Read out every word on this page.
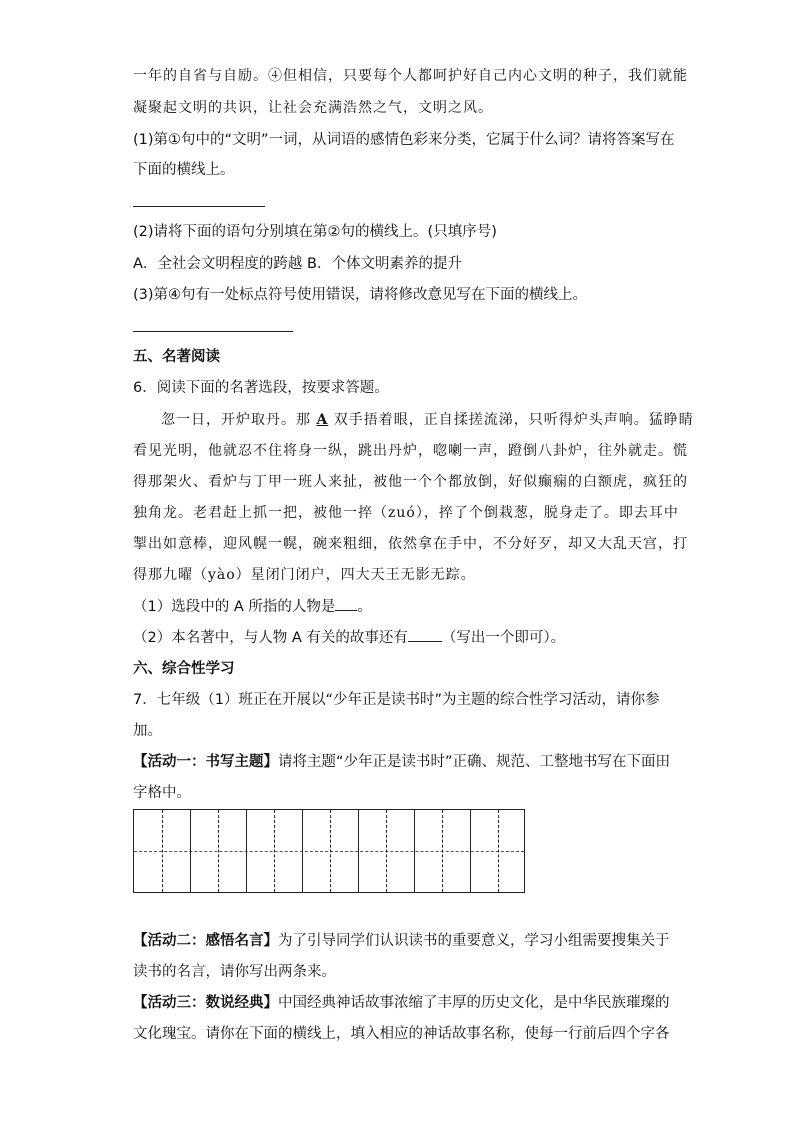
一年的自省与自励。④但相信，只要每个人都呵护好自己内心文明的种子，我们就能
凝聚起文明的共识，让社会充满浩然之气，文明之风。
(1)第①句中的“文明”一词，从词语的感情色彩来分类，它属于什么词？请将答案写在
下面的横线上。
(2)请将下面的语句分别填在第②句的横线上。(只填序号)
A．全社会文明程度的跨越 B．个体文明素养的提升
(3)第④句有一处标点符号使用错误，请将修改意见写在下面的横线上。
五、名著阅读
6．阅读下面的名著选段，按要求答题。
忽一日，开炉取丹。那 A 双手捂着眼，正自揉搓流涕，只听得炉头声响。猛睁睛
看见光明，他就忍不住将身一纵，跳出丹炉，唿喇一声，蹬倒八卦炉，往外就走。慌
得那架火、看炉与丁甲一班人来扯，被他一个个都放倒，好似癫痫的白额虎，疯狂的
独角龙。老君赶上抓一把，被他一捽（zuó），捽了个倒栽葱，脱身走了。即去耳中
掣出如意棒，迎风幌一幌，碗来粗细，依然拿在手中，不分好歹，却又大乱天宫，打
得那九曜（yào）星闭门闭户，四大天王无影无踪。
（1）选段中的 A 所指的人物是 。
（2）本名著中，与人物 A 有关的故事还有 （写出一个即可）。
六、综合性学习
7．七年级（1）班正在开展以“少年正是读书时”为主题的综合性学习活动，请你参
加。
【活动一：书写主题】请将主题“少年正是读书时”正确、规范、工整地书写在下面田
字格中。
【活动二：感悟名言】为了引导同学们认识读书的重要意义，学习小组需要搜集关于
读书的名言，请你写出两条来。
【活动三：数说经典】中国经典神话故事浓缩了丰厚的历史文化，是中华民族璀璨的
文化瑰宝。请你在下面的横线上，填入相应的神话故事名称，使每一行前后四个字各
